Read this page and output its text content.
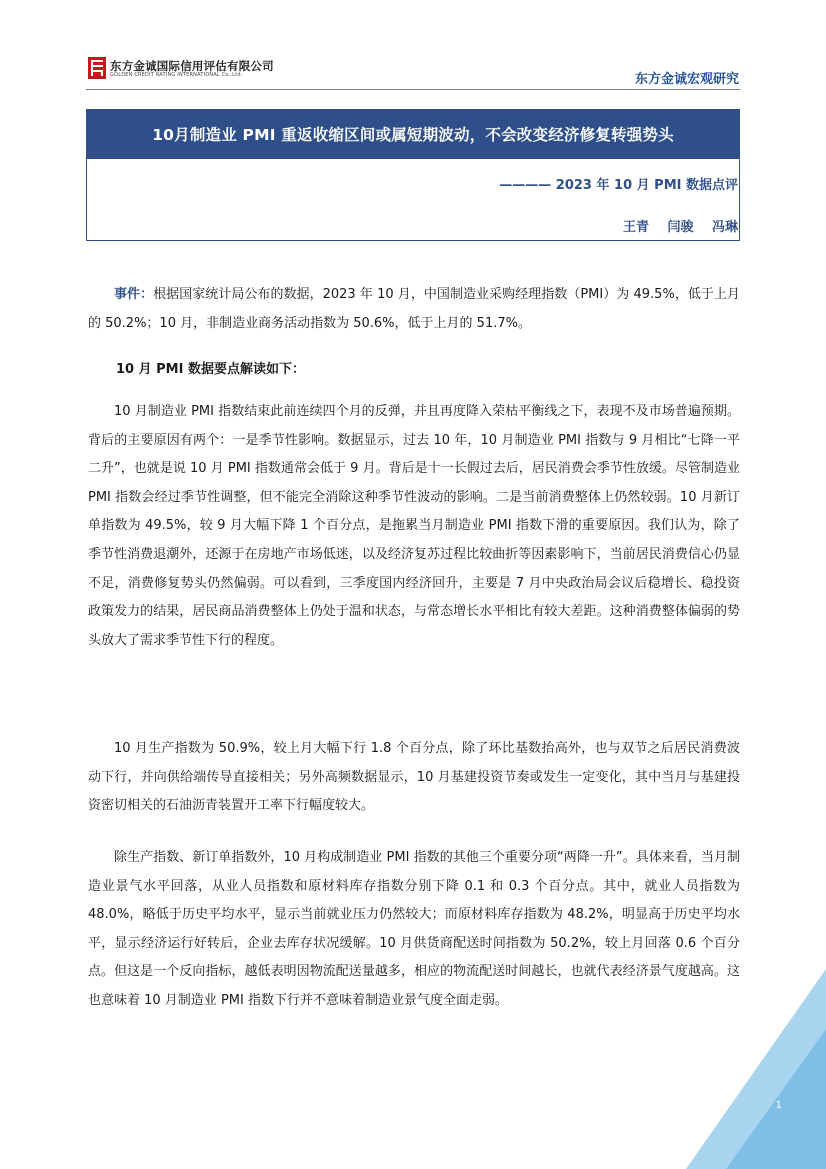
东方金诚国际信用评估有限公司
GOLDEN CREDIT RATING INTERNATIONAL Co.,Ltd.	东方金诚宏观研究
10月制造业 PMI 重返收缩区间或属短期波动，不会改变经济修复转强势头
———— 2023 年 10 月 PMI 数据点评
王青 闫骏 冯琳

事件：根据国家统计局公布的数据，2023 年 10 月，中国制造业采购经理指数（PMI）为 49.5%，低于上月的 50.2%；10 月，非制造业商务活动指数为 50.6%，低于上月的 51.7%。

10 月 PMI 数据要点解读如下：

10 月制造业 PMI 指数结束此前连续四个月的反弹，并且再度降入荣枯平衡线之下，表现不及市场普遍预期。背后的主要原因有两个：一是季节性影响。数据显示，过去 10 年，10 月制造业 PMI 指数与 9 月相比“七降一平二升”，也就是说 10 月 PMI 指数通常会低于 9 月。背后是十一长假过去后，居民消费会季节性放缓。尽管制造业 PMI 指数会经过季节性调整，但不能完全消除这种季节性波动的影响。二是当前消费整体上仍然较弱。10 月新订单指数为 49.5%，较 9 月大幅下降 1 个百分点，是拖累当月制造业 PMI 指数下滑的重要原因。我们认为，除了季节性消费退潮外，还源于在房地产市场低迷，以及经济复苏过程比较曲折等因素影响下，当前居民消费信心仍显不足，消费修复势头仍然偏弱。可以看到，三季度国内经济回升，主要是 7 月中央政治局会议后稳增长、稳投资政策发力的结果，居民商品消费整体上仍处于温和状态，与常态增长水平相比有较大差距。这种消费整体偏弱的势头放大了需求季节性下行的程度。

10 月生产指数为 50.9%，较上月大幅下行 1.8 个百分点，除了环比基数抬高外，也与双节之后居民消费波动下行，并向供给端传导直接相关；另外高频数据显示，10 月基建投资节奏或发生一定变化，其中当月与基建投资密切相关的石油沥青装置开工率下行幅度较大。

除生产指数、新订单指数外，10 月构成制造业 PMI 指数的其他三个重要分项“两降一升”。具体来看，当月制造业景气水平回落，从业人员指数和原材料库存指数分别下降 0.1 和 0.3 个百分点。其中，就业人员指数为 48.0%，略低于历史平均水平，显示当前就业压力仍然较大；而原材料库存指数为 48.2%，明显高于历史平均水平，显示经济运行好转后，企业去库存状况缓解。10 月供货商配送时间指数为 50.2%，较上月回落 0.6 个百分点。但这是一个反向指标，越低表明因物流配送量越多，相应的物流配送时间越长，也就代表经济景气度越高。这也意味着 10 月制造业 PMI 指数下行并不意味着制造业景气度全面走弱。

1
